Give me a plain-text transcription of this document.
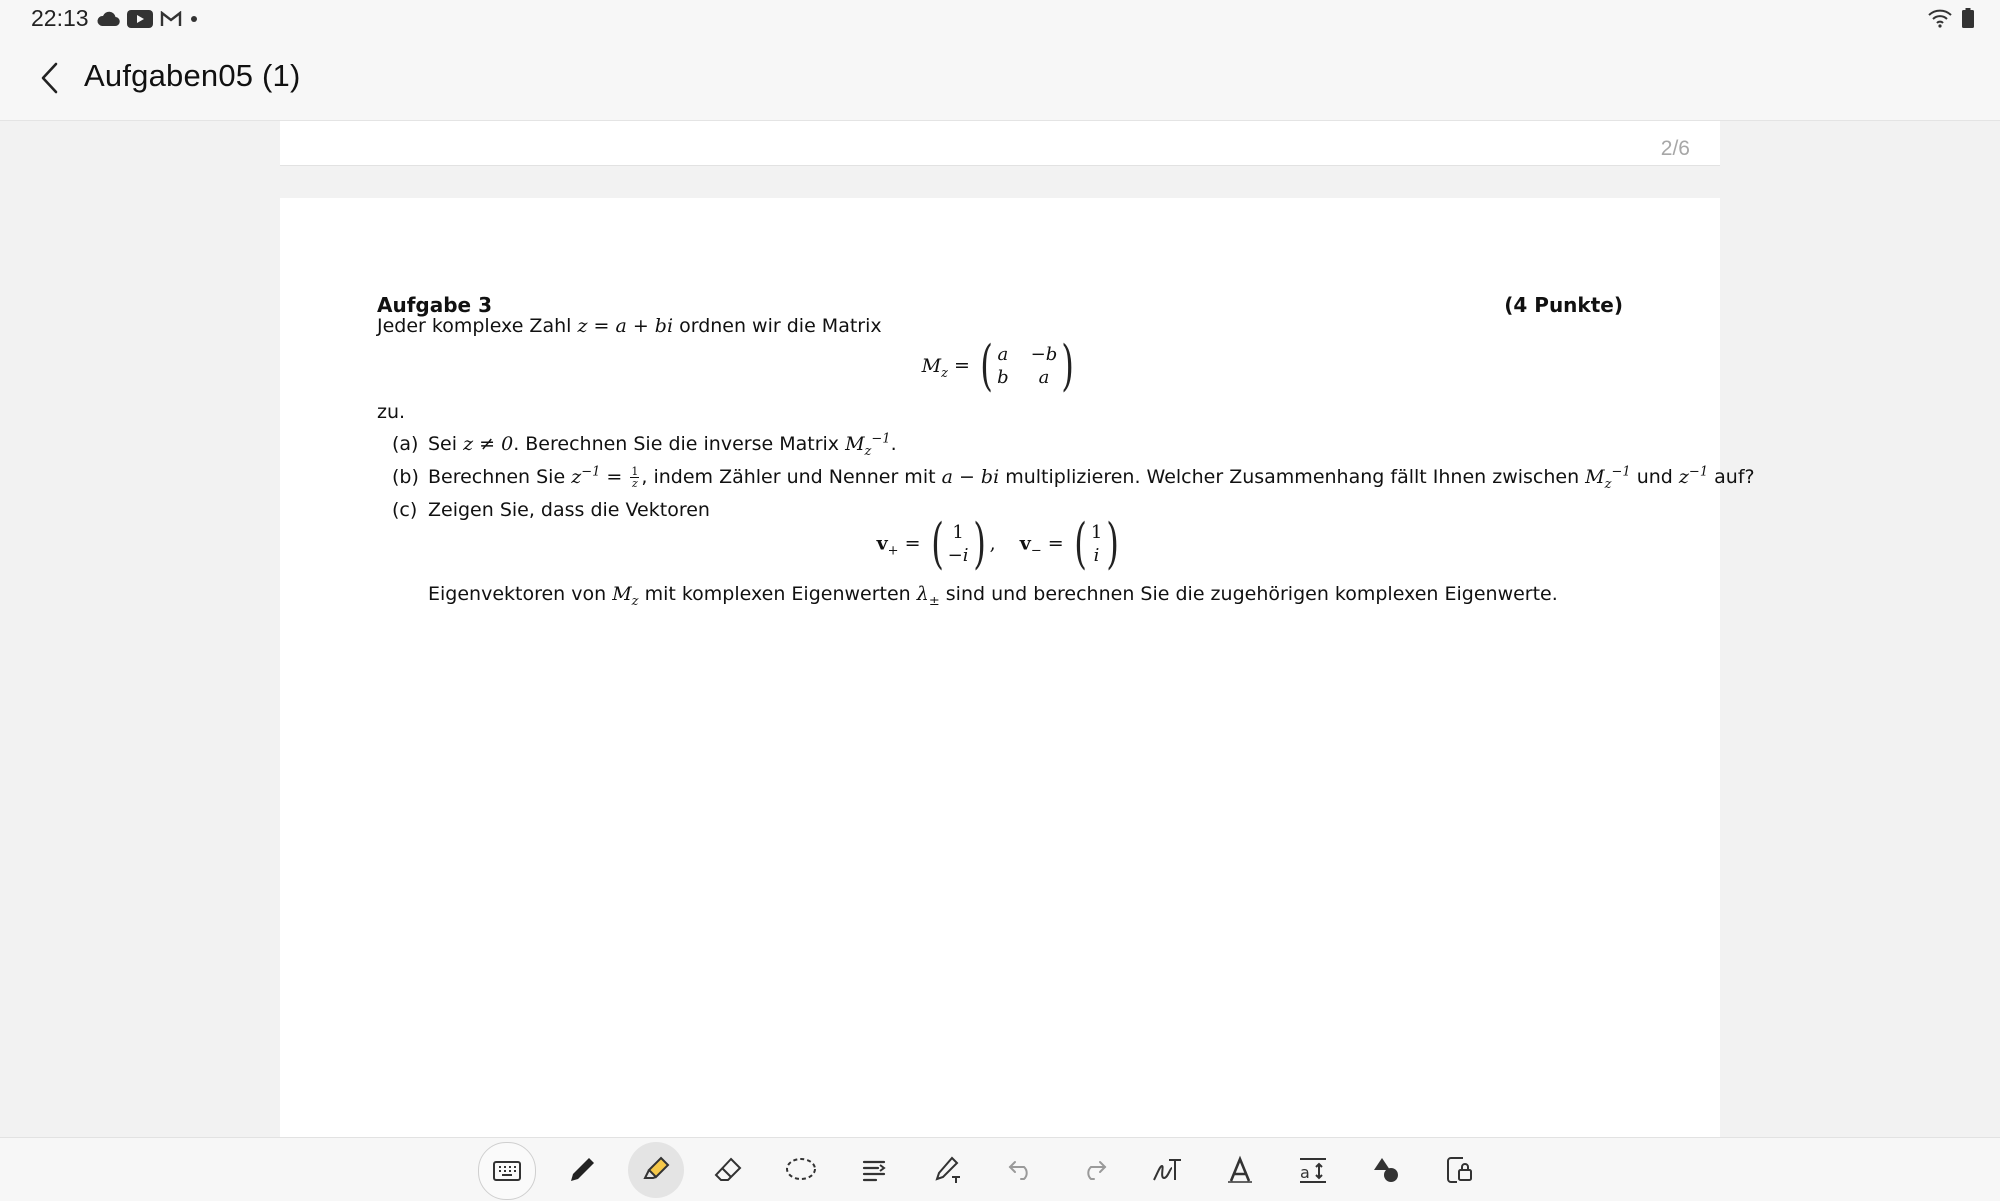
22:13
Aufgaben05 (1)
2/6
Aufgabe 3	(4 Punkte)
Jeder komplexe Zahl z = a + bi ordnen wir die Matrix
$M_z$ = ( a −b
b	a )
zu.
(a) Sei z ≠ 0. Berechnen Sie die inverse Matrix $M_z^{-1}$.
(b) Berechnen Sie $z^{-1} = \frac{1}{z}$ , indem Zähler und Nenner mit a − bi multiplizieren. Welcher Zusammenhang fällt Ihnen zwischen $M_z^{-1}$ und $z^{-1}$ auf?
(c) Zeigen Sie, dass die Vektoren
$v_+$ = ( 1
−i ) ,    $v_-$ = ( 1
i )
Eigenvektoren von $M_z$ mit komplexen Eigenwerten $\lambda_\pm$ sind und berechnen Sie die zugehörigen komplexen Eigenwerte.
a
